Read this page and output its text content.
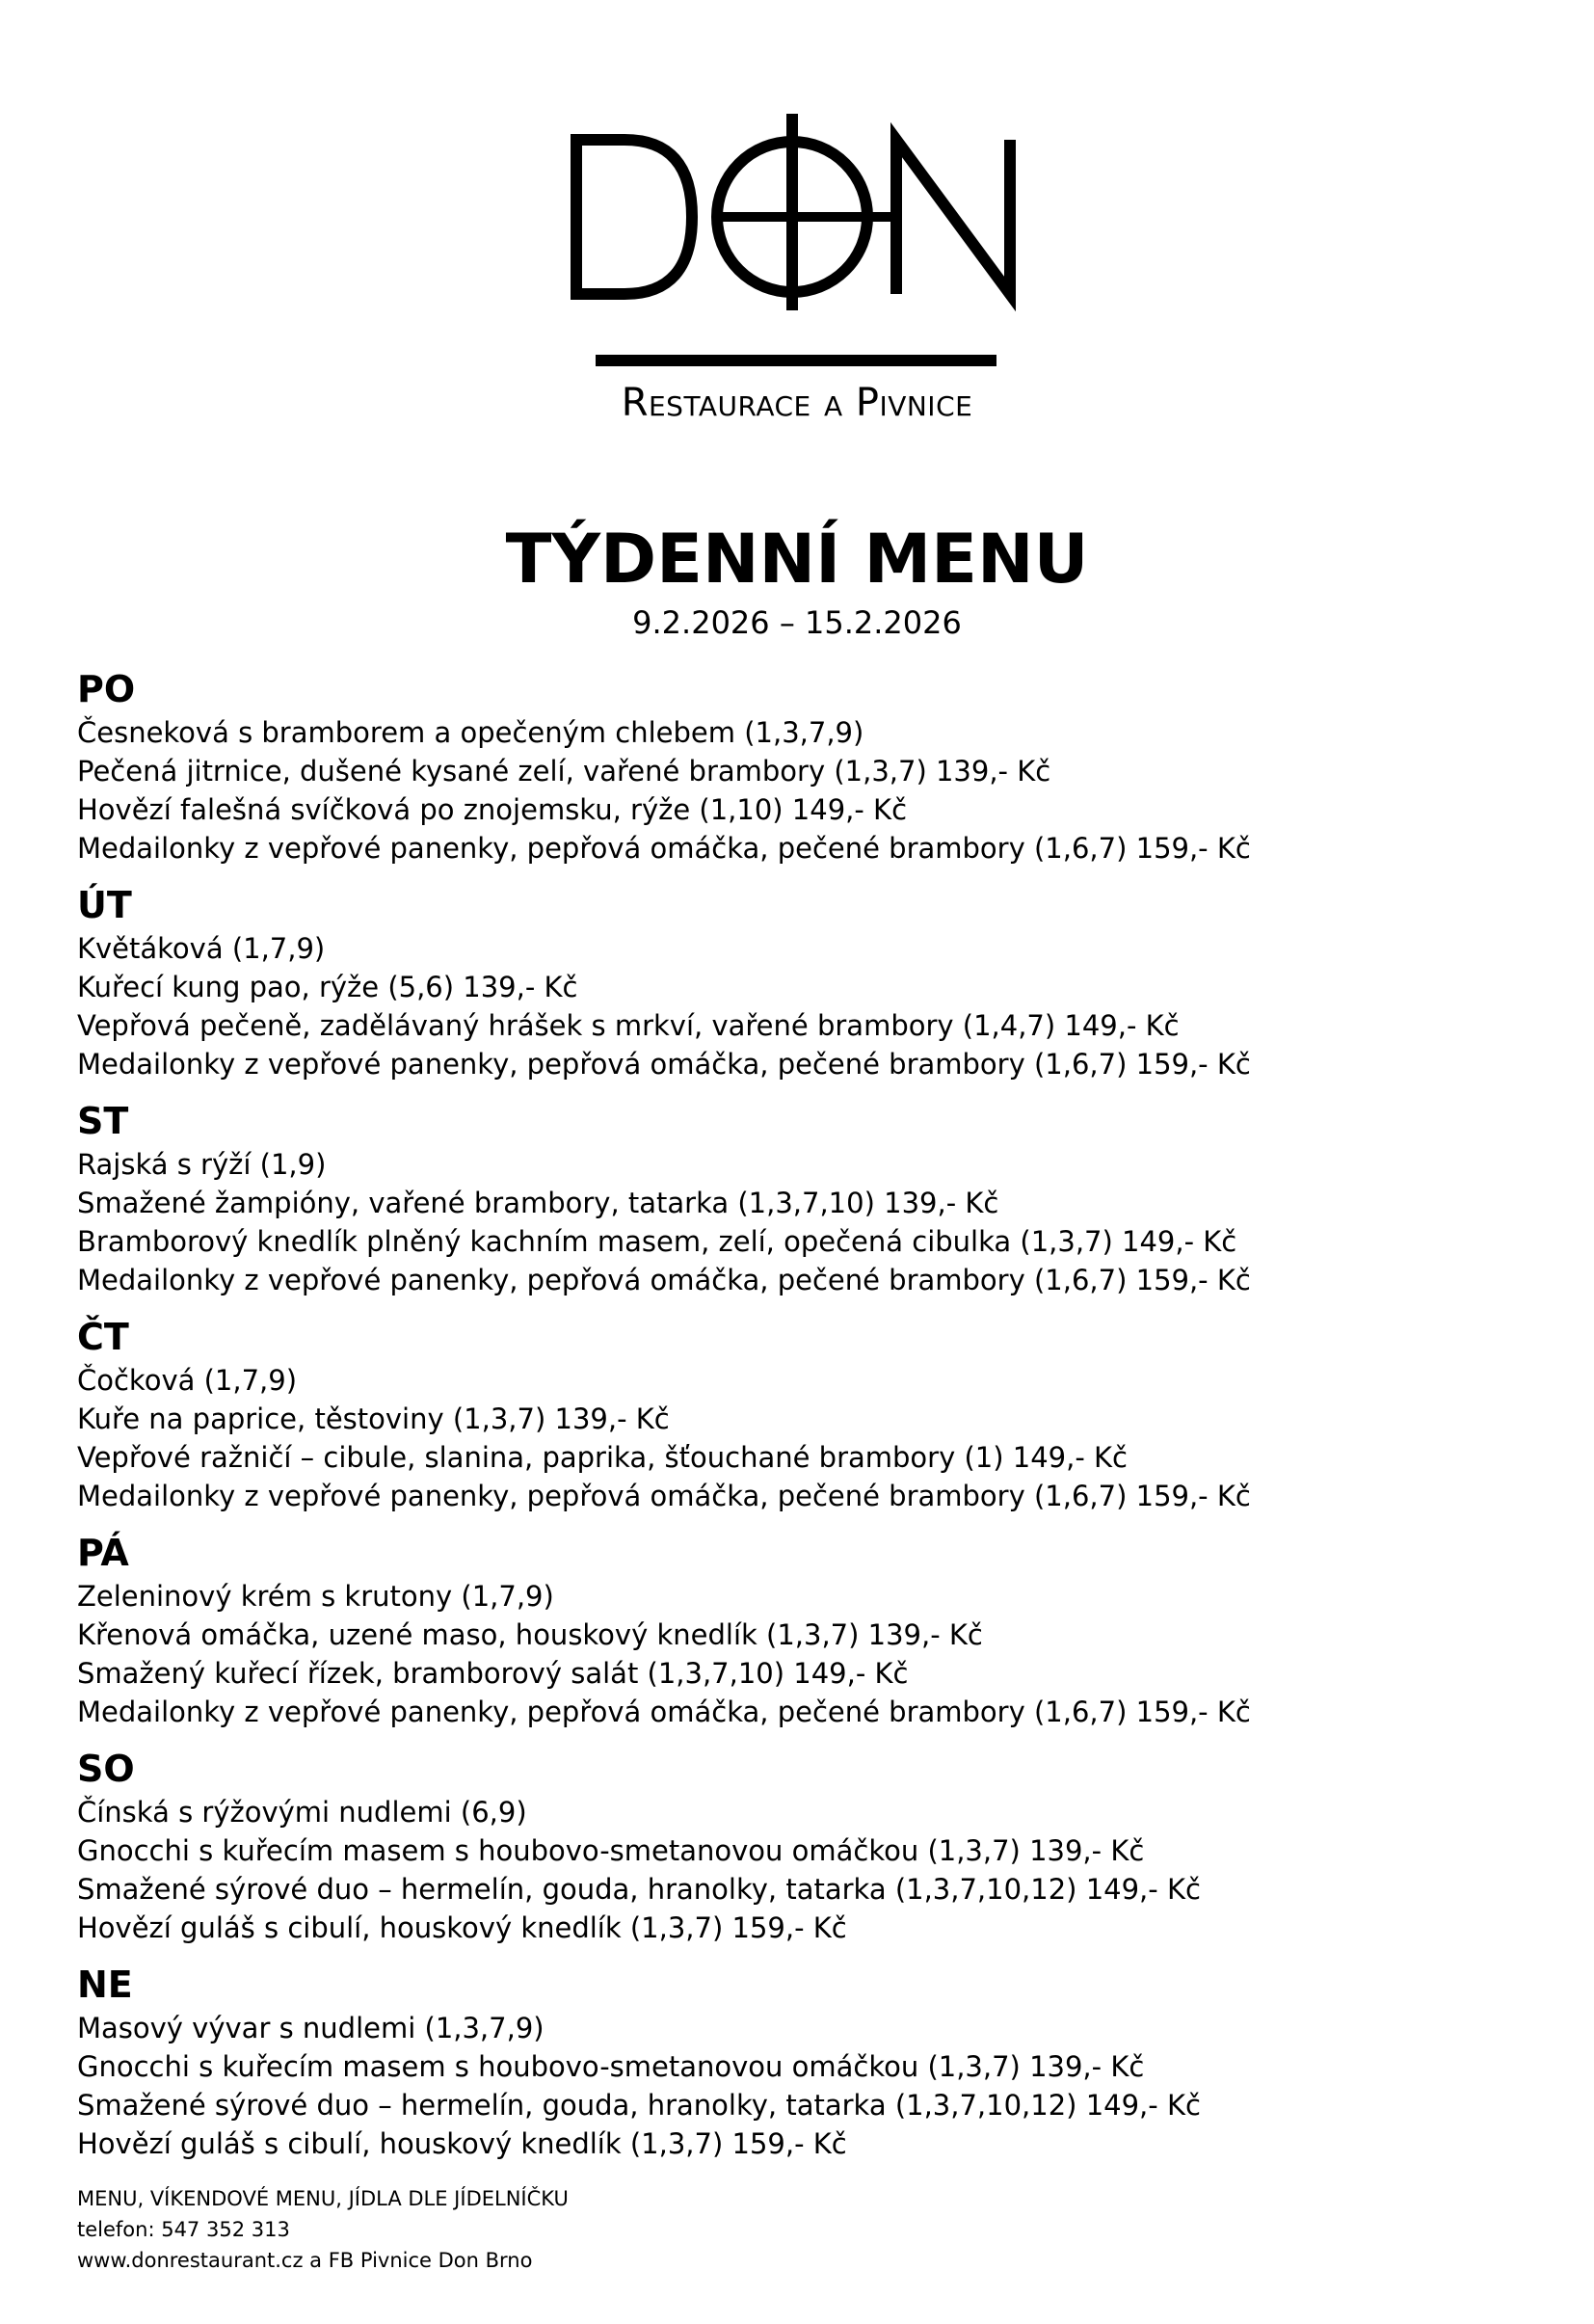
Restaurace a Pivnice
TÝDENNÍ MENU
9.2.2026 – 15.2.2026
PO
Česneková s bramborem a opečeným chlebem (1,3,7,9)
Pečená jitrnice, dušené kysané zelí, vařené brambory (1,3,7) 139,- Kč
Hovězí falešná svíčková po znojemsku, rýže (1,10) 149,- Kč
Medailonky z vepřové panenky, pepřová omáčka, pečené brambory (1,6,7) 159,- Kč
ÚT
Květáková (1,7,9)
Kuřecí kung pao, rýže (5,6) 139,- Kč
Vepřová pečeně, zadělávaný hrášek s mrkví, vařené brambory (1,4,7) 149,- Kč
Medailonky z vepřové panenky, pepřová omáčka, pečené brambory (1,6,7) 159,- Kč
ST
Rajská s rýží (1,9)
Smažené žampióny, vařené brambory, tatarka (1,3,7,10) 139,- Kč
Bramborový knedlík plněný kachním masem, zelí, opečená cibulka (1,3,7) 149,- Kč
Medailonky z vepřové panenky, pepřová omáčka, pečené brambory (1,6,7) 159,- Kč
ČT
Čočková (1,7,9)
Kuře na paprice, těstoviny (1,3,7) 139,- Kč
Vepřové ražničí – cibule, slanina, paprika, šťouchané brambory (1) 149,- Kč
Medailonky z vepřové panenky, pepřová omáčka, pečené brambory (1,6,7) 159,- Kč
PÁ
Zeleninový krém s krutony (1,7,9)
Křenová omáčka, uzené maso, houskový knedlík (1,3,7) 139,- Kč
Smažený kuřecí řízek, bramborový salát (1,3,7,10) 149,- Kč
Medailonky z vepřové panenky, pepřová omáčka, pečené brambory (1,6,7) 159,- Kč
SO
Čínská s rýžovými nudlemi (6,9)
Gnocchi s kuřecím masem s houbovo-smetanovou omáčkou (1,3,7) 139,- Kč
Smažené sýrové duo – hermelín, gouda, hranolky, tatarka (1,3,7,10,12) 149,- Kč
Hovězí guláš s cibulí, houskový knedlík (1,3,7) 159,- Kč
NE
Masový vývar s nudlemi (1,3,7,9)
Gnocchi s kuřecím masem s houbovo-smetanovou omáčkou (1,3,7) 139,- Kč
Smažené sýrové duo – hermelín, gouda, hranolky, tatarka (1,3,7,10,12) 149,- Kč
Hovězí guláš s cibulí, houskový knedlík (1,3,7) 159,- Kč
MENU, VÍKENDOVÉ MENU, JÍDLA DLE JÍDELNÍČKU
telefon: 547 352 313
www.donrestaurant.cz a FB Pivnice Don Brno
